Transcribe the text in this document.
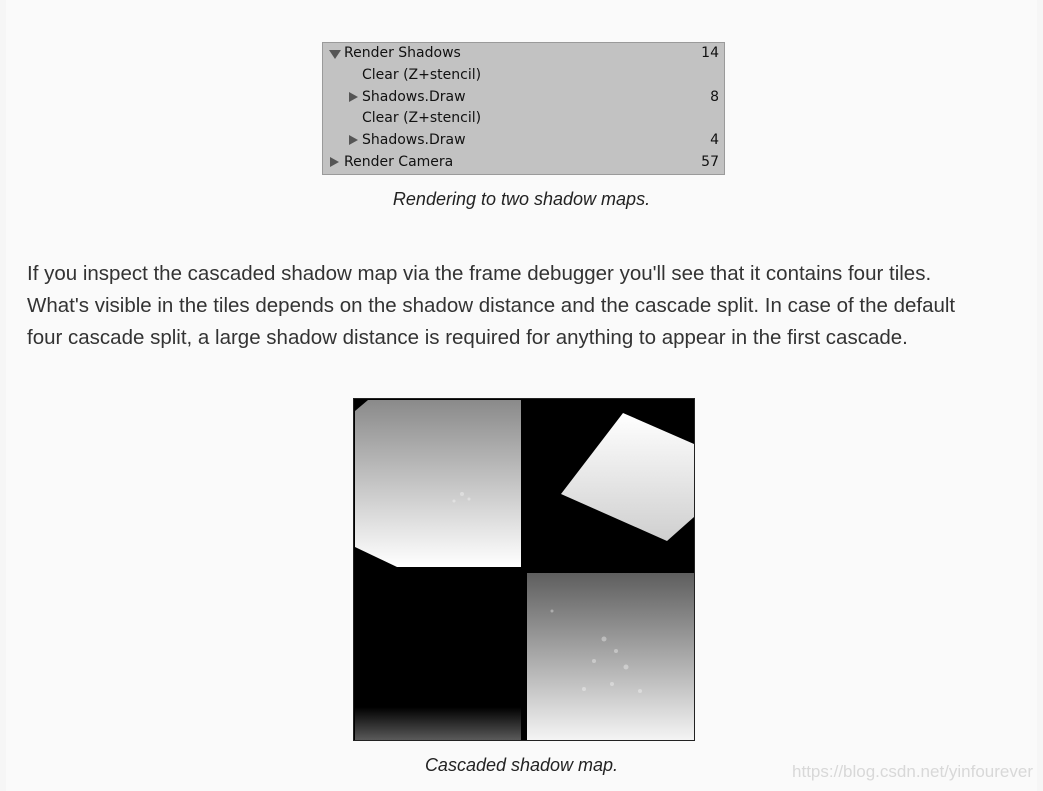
Render Shadows	14
Clear (Z+stencil)
Shadows.Draw	8
Clear (Z+stencil)
Shadows.Draw	4
Render Camera	57
Rendering to two shadow maps.

If you inspect the cascaded shadow map via the frame debugger you'll see that it contains four tiles.
What's visible in the tiles depends on the shadow distance and the cascade split. In case of the default
four cascade split, a large shadow distance is required for anything to appear in the first cascade.

Cascaded shadow map.	https://blog.csdn.net/yinfourever
